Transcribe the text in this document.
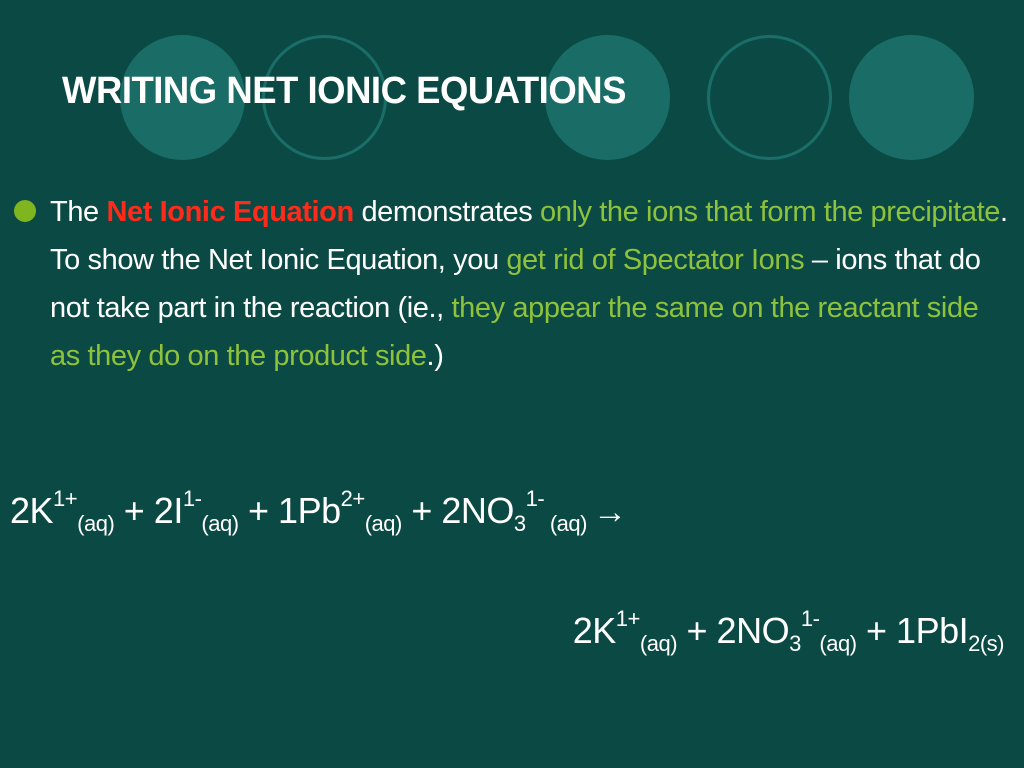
WRITING NET IONIC EQUATIONS

The Net Ionic Equation demonstrates only the ions that form the precipitate. To show the Net Ionic Equation, you get rid of Spectator Ions – ions that do not take part in the reaction (ie., they appear the same on the reactant side as they do on the product side.)

$2K^{1+}_{(aq)} + 2I^{1-}_{(aq)} + 1Pb^{2+}_{(aq)} + 2NO_3^{1-}$ $_{(aq)}$ →
$2K^{1+}_{(aq)} + 2NO_3^{1-}_{(aq)} + 1PbI_{2(s)}$
